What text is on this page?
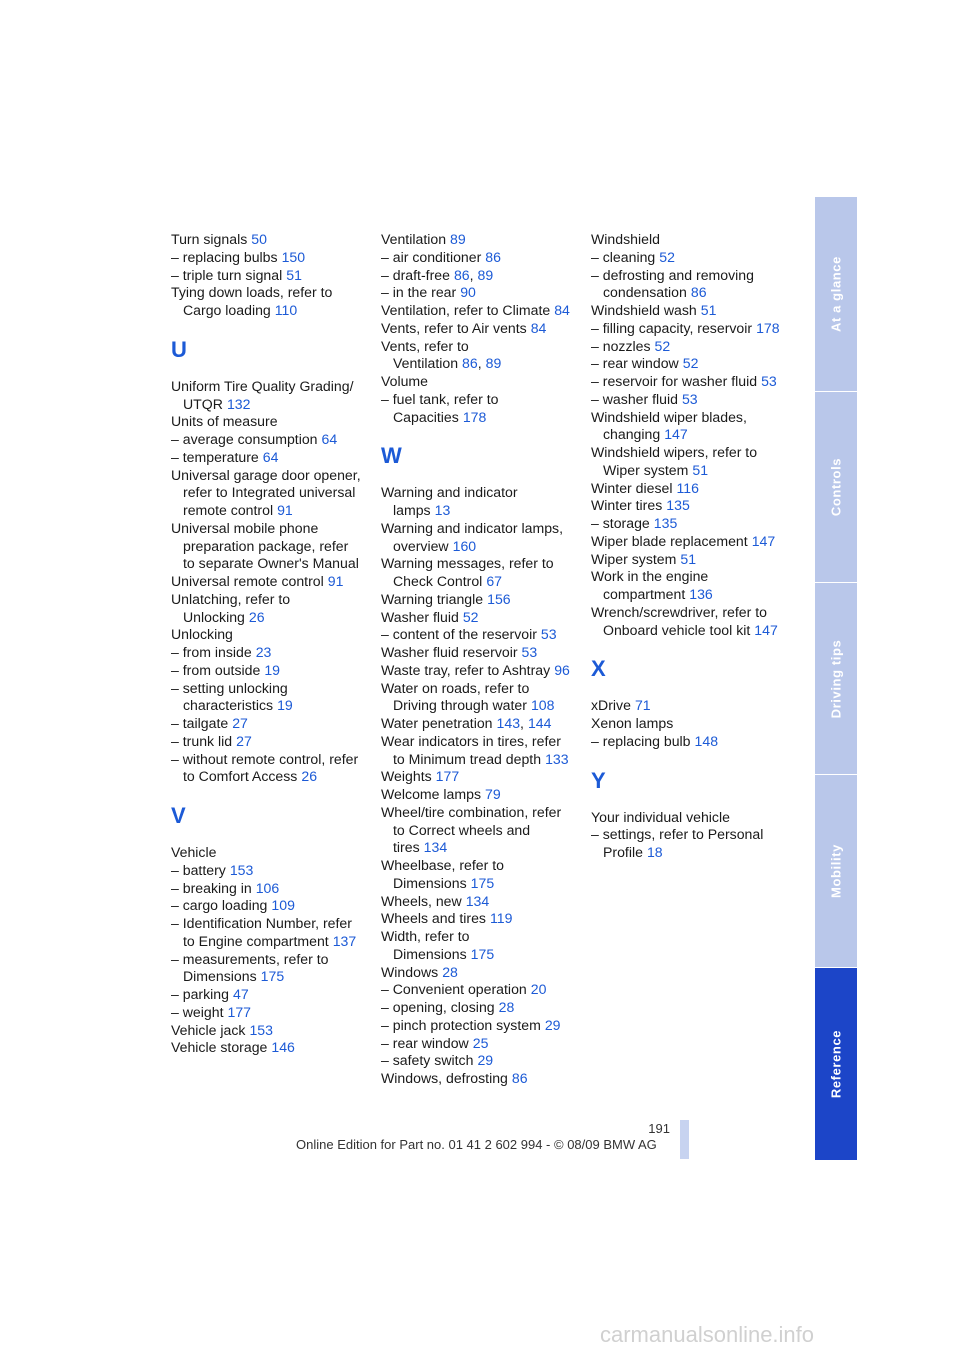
Turn signals 50

– replacing bulbs 150

– triple turn signal 51

Tying down loads, refer to

Cargo loading 110

U

Uniform Tire Quality Grading/

UTQR 132

Units of measure

– average consumption 64

– temperature 64

Universal garage door opener,

refer to Integrated universal

remote control 91

Universal mobile phone

preparation package, refer

to separate Owner's Manual

Universal remote control 91

Unlatching, refer to

Unlocking 26

Unlocking

– from inside 23

– from outside 19

– setting unlocking

characteristics 19

– tailgate 27

– trunk lid 27

– without remote control, refer

to Comfort Access 26

V

Vehicle

– battery 153

– breaking in 106

– cargo loading 109

– Identification Number, refer

to Engine compartment 137

– measurements, refer to

Dimensions 175

– parking 47

– weight 177

Vehicle jack 153

Vehicle storage 146

Ventilation 89

– air conditioner 86

– draft-free 86, 89

– in the rear 90

Ventilation, refer to Climate 84

Vents, refer to Air vents 84

Vents, refer to

Ventilation 86, 89

Volume

– fuel tank, refer to

Capacities 178

W

Warning and indicator

lamps 13

Warning and indicator lamps,

overview 160

Warning messages, refer to

Check Control 67

Warning triangle 156

Washer fluid 52

– content of the reservoir 53

Washer fluid reservoir 53

Waste tray, refer to Ashtray 96

Water on roads, refer to

Driving through water 108

Water penetration 143, 144

Wear indicators in tires, refer

to Minimum tread depth 133

Weights 177

Welcome lamps 79

Wheel/tire combination, refer

to Correct wheels and

tires 134

Wheelbase, refer to

Dimensions 175

Wheels, new 134

Wheels and tires 119

Width, refer to

Dimensions 175

Windows 28

– Convenient operation 20

– opening, closing 28

– pinch protection system 29

– rear window 25

– safety switch 29

Windows, defrosting 86

Windshield

– cleaning 52

– defrosting and removing

condensation 86

Windshield wash 51

– filling capacity, reservoir 178

– nozzles 52

– rear window 52

– reservoir for washer fluid 53

– washer fluid 53

Windshield wiper blades,

changing 147

Windshield wipers, refer to

Wiper system 51

Winter diesel 116

Winter tires 135

– storage 135

Wiper blade replacement 147

Wiper system 51

Work in the engine

compartment 136

Wrench/screwdriver, refer to

Onboard vehicle tool kit 147

X

xDrive 71

Xenon lamps

– replacing bulb 148

Y

Your individual vehicle

– settings, refer to Personal

Profile 18

At a glance
Controls
Driving tips
Mobility
Reference
191
Online Edition for Part no. 01 41 2 602 994 - © 08/09 BMW AG
carmanualsonline.info
